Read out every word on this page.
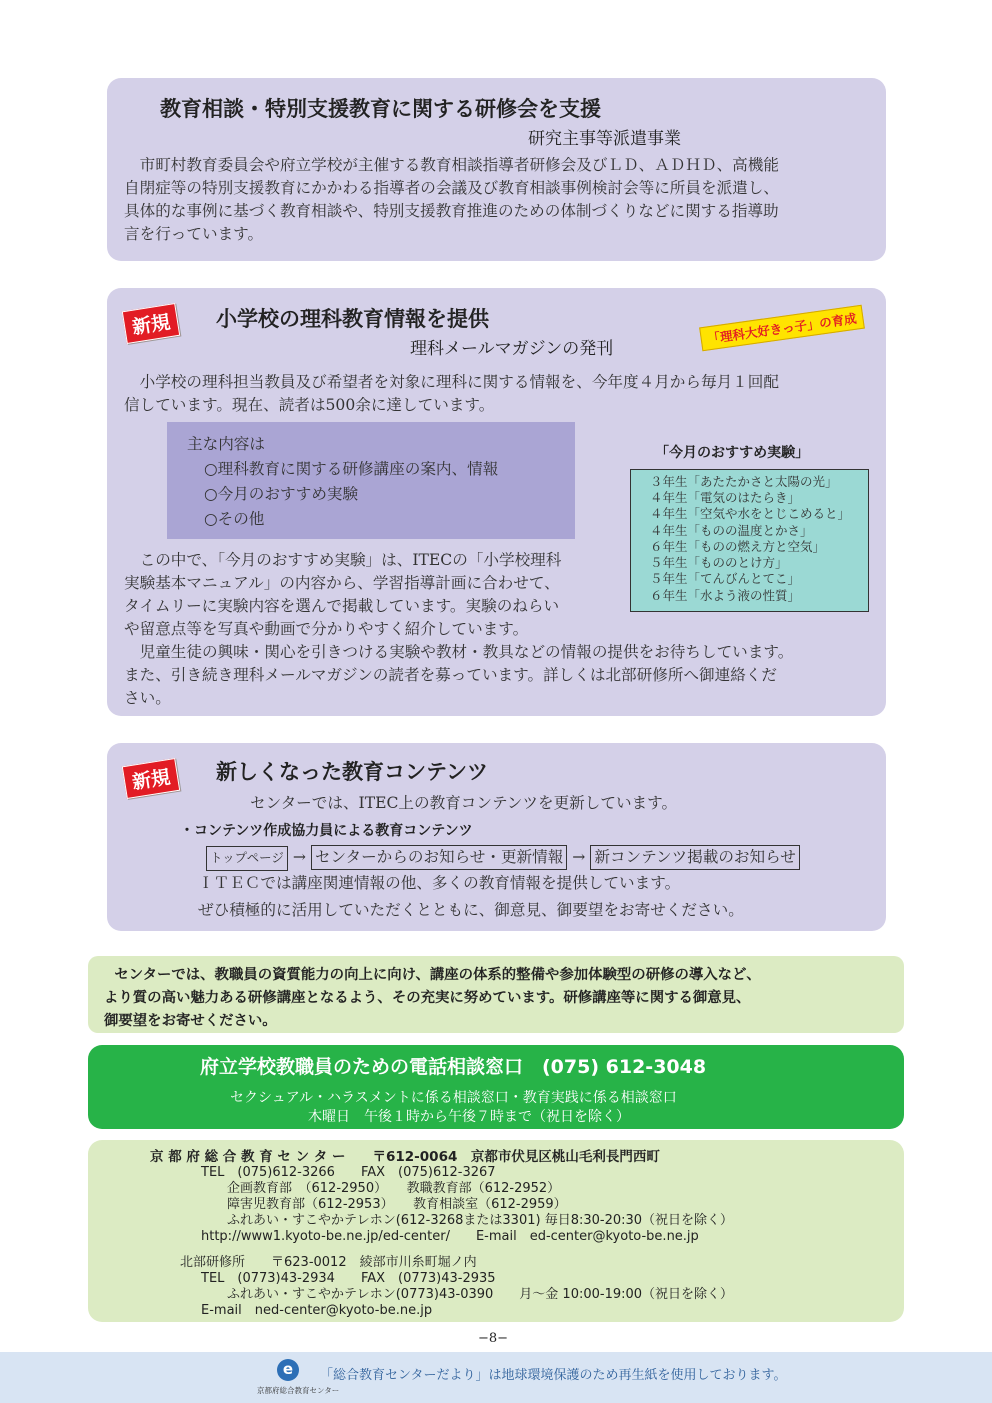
教育相談・特別支援教育に関する研修会を支援
研究主事等派遣事業
　市町村教育委員会や府立学校が主催する教育相談指導者研修会及びＬＤ、ＡＤＨＤ、高機能
自閉症等の特別支援教育にかかわる指導者の会議及び教育相談事例検討会等に所員を派遣し、
具体的な事例に基づく教育相談や、特別支援教育推進のための体制づくりなどに関する指導助
言を行っています。
新規	小学校の理科教育情報を提供
理科メールマガジンの発刊
「理科大好きっ子」の育成
　小学校の理科担当教員及び希望者を対象に理科に関する情報を、今年度４月から毎月１回配
信しています。現在、読者は500余に達しています。
主な内容は
○理科教育に関する研修講座の案内、情報
○今月のおすすめ実験
○その他
「今月のおすすめ実験」
３年生「あたたかさと太陽の光」
４年生「電気のはたらき」
４年生「空気や水をとじこめると」
４年生「ものの温度とかさ」
６年生「ものの燃え方と空気」
５年生「もののとけ方」
５年生「てんびんとてこ」
６年生「水よう液の性質」
　この中で、「今月のおすすめ実験」は、ITECの「小学校理科
実験基本マニュアル」の内容から、学習指導計画に合わせて、
タイムリーに実験内容を選んで掲載しています。実験のねらい
や留意点等を写真や動画で分かりやすく紹介しています。
　児童生徒の興味・関心を引きつける実験や教材・教具などの情報の提供をお待ちしています。
また、引き続き理科メールマガジンの読者を募っています。詳しくは北部研修所へ御連絡くだ
さい。
新規	新しくなった教育コンテンツ
センターでは、ITEC上の教育コンテンツを更新しています。
・コンテンツ作成協力員による教育コンテンツ
トップページ → センターからのお知らせ・更新情報 → 新コンテンツ掲載のお知らせ
ＩＴＥＣでは講座関連情報の他、多くの教育情報を提供しています。
ぜひ積極的に活用していただくとともに、御意見、御要望をお寄せください。
　センターでは、教職員の資質能力の向上に向け、講座の体系的整備や参加体験型の研修の導入など、
より質の高い魅力ある研修講座となるよう、その充実に努めています。研修講座等に関する御意見、
御要望をお寄せください。
府立学校教職員のための電話相談窓口　(075) 612-3048
セクシュアル・ハラスメントに係る相談窓口・教育実践に係る相談窓口
木曜日　午後１時から午後７時まで（祝日を除く）
京 都 府 総 合 教 育 セ ン タ ー　　〒612-0064　京都市伏見区桃山毛利長門西町
　TEL　(075)612-3266　　FAX　(075)612-3267
　　　企画教育部　（612-2950）　　教職教育部（612-2952）
　　　障害児教育部（612-2953）　　教育相談室（612-2959）
　　　ふれあい・すこやかテレホン(612-3268または3301) 毎日8:30-20:30（祝日を除く）
　http://www1.kyoto-be.ne.jp/ed-center/　　E-mail　ed-center@kyoto-be.ne.jp
北部研修所　　〒623-0012　綾部市川糸町堀ノ内
　TEL　(0773)43-2934　　FAX　(0773)43-2935
　　　ふれあい・すこやかテレホン(0773)43-0390　　月～金 10:00-19:00（祝日を除く）
　E-mail　ned-center@kyoto-be.ne.jp
−8−
e
京都府総合教育センター
「総合教育センターだより」は地球環境保護のため再生紙を使用しております。
